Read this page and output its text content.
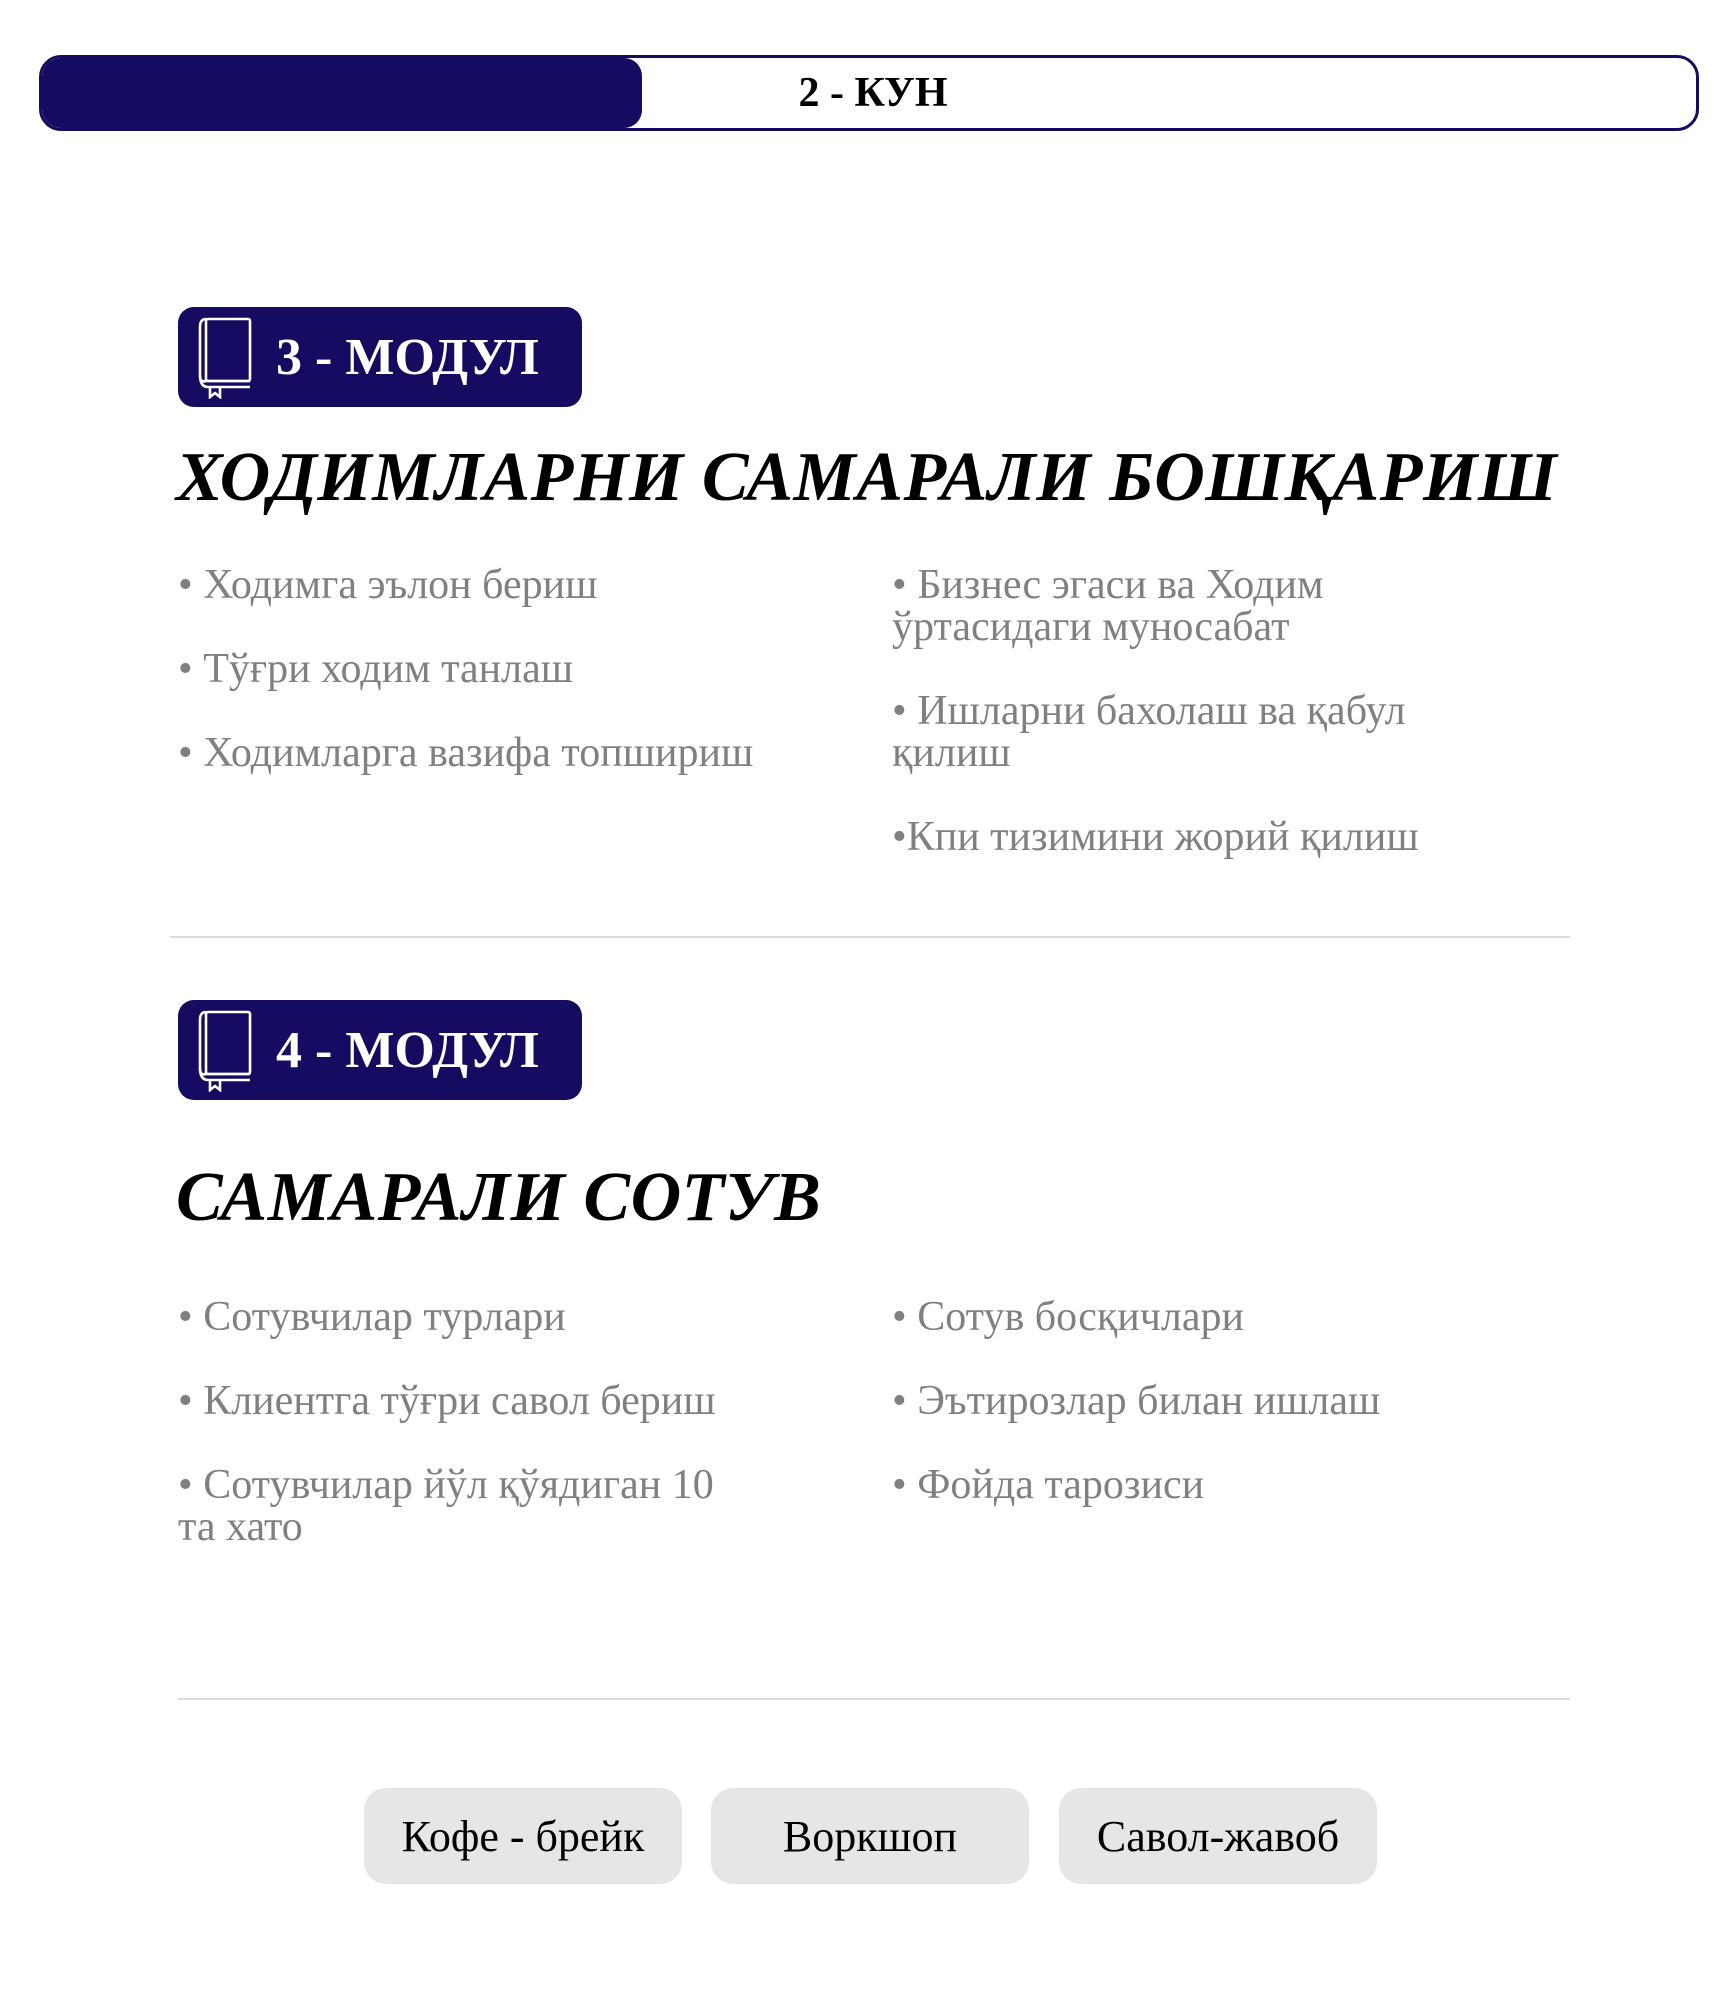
2 - КУН
3 - МОДУЛ
ХОДИМЛАРНИ САМАРАЛИ БОШҚАРИШ

• Ходимга эълон бериш

• Тўғри ходим танлаш

• Ходимларга вазифа топшириш

• Бизнес эгаси ва Ходим ўртасидаги муносабат

• Ишларни бахолаш ва қабул қилиш

•Кпи тизимини жорий қилиш

4 - МОДУЛ
САМАРАЛИ СОТУВ

• Сотувчилар турлари

• Клиентга тўғри савол бериш

• Сотувчилар йўл қўядиган 10 та хато

• Сотув босқичлари

• Эътирозлар билан ишлаш

• Фойда тарозиси

Кофе - брейк	Воркшоп	Савол-жавоб
